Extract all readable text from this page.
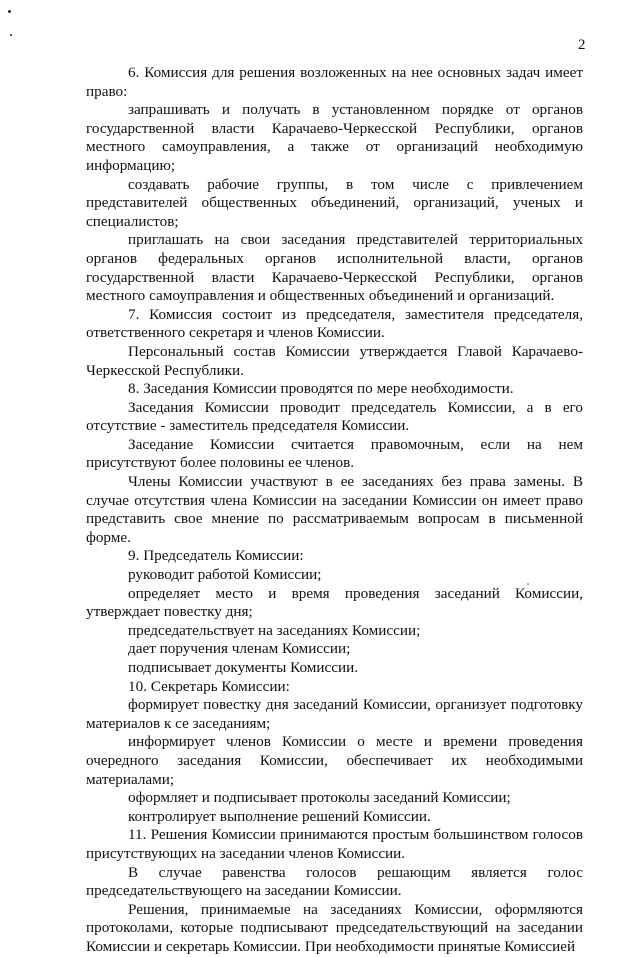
2

6. Комиссия для решения возложенных на нее основных задач имеет право:

запрашивать и получать в установленном порядке от органов государственной власти Карачаево-Черкесской Республики, органов местного самоуправления, а также от организаций необходимую информацию;

создавать рабочие группы, в том числе с привлечением представителей общественных объединений, организаций, ученых и специалистов;

приглашать на свои заседания представителей территориальных органов федеральных органов исполнительной власти, органов государственной власти Карачаево-Черкесской Республики, органов местного самоуправления и общественных объединений и организаций.

7. Комиссия состоит из председателя, заместителя председателя, ответственного секретаря и членов Комиссии.

Персональный состав Комиссии утверждается Главой Карачаево-Черкесской Республики.

8. Заседания Комиссии проводятся по мере необходимости.

Заседания Комиссии проводит председатель Комиссии, а в его отсутствие - заместитель председателя Комиссии.

Заседание Комиссии считается правомочным, если на нем присутствуют более половины ее членов.

Члены Комиссии участвуют в ее заседаниях без права замены. В случае отсутствия члена Комиссии на заседании Комиссии он имеет право представить свое мнение по рассматриваемым вопросам в письменной форме.

9. Председатель Комиссии:

руководит работой Комиссии;

определяет место и время проведения заседаний Комиссии, утверждает повестку дня;

председательствует на заседаниях Комиссии;

дает поручения членам Комиссии;

подписывает документы Комиссии.

10. Секретарь Комиссии:

формирует повестку дня заседаний Комиссии, организует подготовку материалов к се заседаниям;

информирует членов Комиссии о месте и времени проведения очередного заседания Комиссии, обеспечивает их необходимыми материалами;

оформляет и подписывает протоколы заседаний Комиссии;

контролирует выполнение решений Комиссии.

11. Решения Комиссии принимаются простым большинством голосов присутствующих на заседании членов Комиссии.

В случае равенства голосов решающим является голос председательствующего на заседании Комиссии.

Решения, принимаемые на заседаниях Комиссии, оформляются протоколами, которые подписывают председательствующий на заседании Комиссии и секретарь Комиссии. При необходимости принятые Комиссией
